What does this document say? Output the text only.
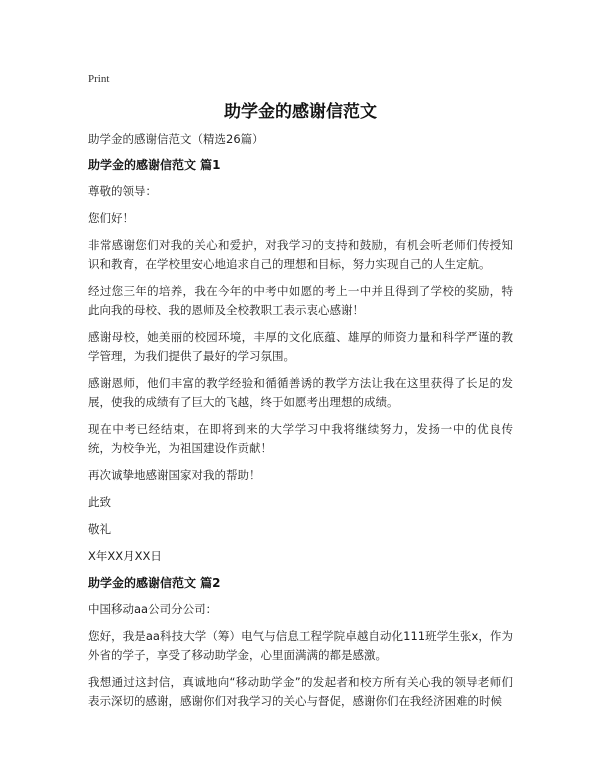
Print
助学金的感谢信范文
助学金的感谢信范文（精选26篇）
助学金的感谢信范文 篇1
尊敬的领导：
您们好！
非常感谢您们对我的关心和爱护，对我学习的支持和鼓励，有机会听老师们传授知识和教育，在学校里安心地追求自己的理想和目标，努力实现自己的人生定航。
经过您三年的培养，我在今年的中考中如愿的考上一中并且得到了学校的奖励，特此向我的母校、我的恩师及全校教职工表示衷心感谢！
感谢母校，她美丽的校园环境，丰厚的文化底蕴、雄厚的师资力量和科学严谨的教学管理，为我们提供了最好的学习氛围。
感谢恩师，他们丰富的教学经验和循循善诱的教学方法让我在这里获得了长足的发展，使我的成绩有了巨大的飞越，终于如愿考出理想的成绩。
现在中考已经结束，在即将到来的大学学习中我将继续努力，发扬一中的优良传统，为校争光，为祖国建设作贡献！
再次诚挚地感谢国家对我的帮助！
此致
敬礼
X年XX月XX日
助学金的感谢信范文 篇2
中国移动aa公司分公司：
您好，我是aa科技大学（筹）电气与信息工程学院卓越自动化111班学生张x，作为外省的学子，享受了移动助学金，心里面满满的都是感激。
我想通过这封信，真诚地向“移动助学金”的发起者和校方所有关心我的领导老师们表示深切的感谢，感谢你们对我学习的关心与督促，感谢你们在我经济困难的时候
